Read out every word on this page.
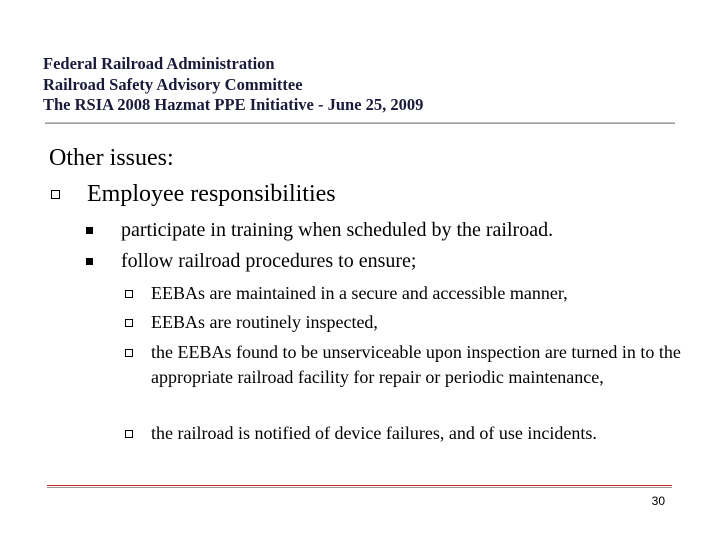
Federal Railroad Administration
Railroad Safety Advisory Committee
The RSIA 2008 Hazmat PPE Initiative - June 25, 2009
Other issues:
Employee responsibilities
participate in training when scheduled by the railroad.
follow railroad procedures to ensure;
EEBAs are maintained in a secure and accessible manner,
EEBAs are routinely inspected,
the EEBAs found to be unserviceable upon inspection are turned in to the appropriate railroad facility for repair or periodic maintenance,
the railroad is notified of device failures, and of use incidents.
30
